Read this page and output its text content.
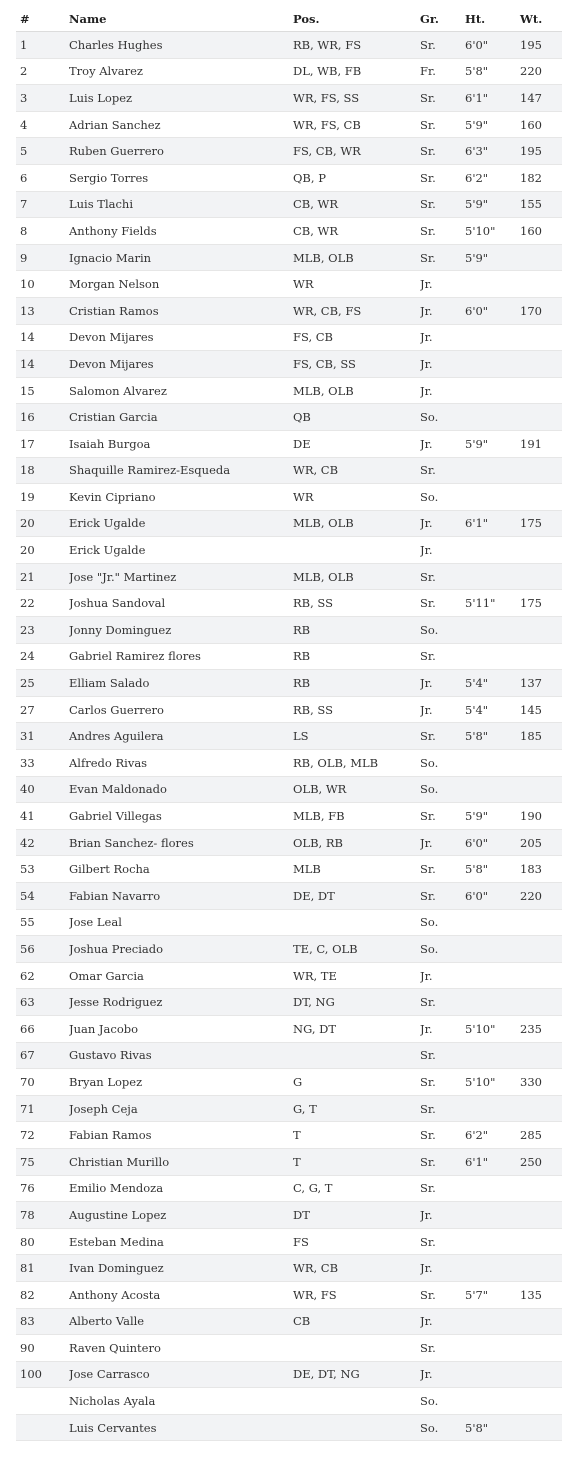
#	Name	Pos.	Gr.	Ht.	Wt.
1	Charles Hughes	RB, WR, FS	Sr.	6'0"	195
2	Troy Alvarez	DL, WB, FB	Fr.	5'8"	220
3	Luis Lopez	WR, FS, SS	Sr.	6'1"	147
4	Adrian Sanchez	WR, FS, CB	Sr.	5'9"	160
5	Ruben Guerrero	FS, CB, WR	Sr.	6'3"	195
6	Sergio Torres	QB, P	Sr.	6'2"	182
7	Luis Tlachi	CB, WR	Sr.	5'9"	155
8	Anthony Fields	CB, WR	Sr.	5'10"	160
9	Ignacio Marin	MLB, OLB	Sr.	5'9"	
10	Morgan Nelson	WR	Jr.		
13	Cristian Ramos	WR, CB, FS	Jr.	6'0"	170
14	Devon Mijares	FS, CB	Jr.		
14	Devon Mijares	FS, CB, SS	Jr.		
15	Salomon Alvarez	MLB, OLB	Jr.		
16	Cristian Garcia	QB	So.		
17	Isaiah Burgoa	DE	Jr.	5'9"	191
18	Shaquille Ramirez-Esqueda	WR, CB	Sr.		
19	Kevin Cipriano	WR	So.		
20	Erick Ugalde	MLB, OLB	Jr.	6'1"	175
20	Erick Ugalde		Jr.		
21	Jose "Jr." Martinez	MLB, OLB	Sr.		
22	Joshua Sandoval	RB, SS	Sr.	5'11"	175
23	Jonny Dominguez	RB	So.		
24	Gabriel Ramirez flores	RB	Sr.		
25	Elliam Salado	RB	Jr.	5'4"	137
27	Carlos Guerrero	RB, SS	Jr.	5'4"	145
31	Andres Aguilera	LS	Sr.	5'8"	185
33	Alfredo Rivas	RB, OLB, MLB	So.		
40	Evan Maldonado	OLB, WR	So.		
41	Gabriel Villegas	MLB, FB	Sr.	5'9"	190
42	Brian Sanchez- flores	OLB, RB	Jr.	6'0"	205
53	Gilbert Rocha	MLB	Sr.	5'8"	183
54	Fabian Navarro	DE, DT	Sr.	6'0"	220
55	Jose Leal		So.		
56	Joshua Preciado	TE, C, OLB	So.		
62	Omar Garcia	WR, TE	Jr.		
63	Jesse Rodriguez	DT, NG	Sr.		
66	Juan Jacobo	NG, DT	Jr.	5'10"	235
67	Gustavo Rivas		Sr.		
70	Bryan Lopez	G	Sr.	5'10"	330
71	Joseph Ceja	G, T	Sr.		
72	Fabian Ramos	T	Sr.	6'2"	285
75	Christian Murillo	T	Sr.	6'1"	250
76	Emilio Mendoza	C, G, T	Sr.		
78	Augustine Lopez	DT	Jr.		
80	Esteban Medina	FS	Sr.		
81	Ivan Dominguez	WR, CB	Jr.		
82	Anthony Acosta	WR, FS	Sr.	5'7"	135
83	Alberto Valle	CB	Jr.		
90	Raven Quintero		Sr.		
100	Jose Carrasco	DE, DT, NG	Jr.		
	Nicholas Ayala		So.		
	Luis Cervantes		So.	5'8"	
